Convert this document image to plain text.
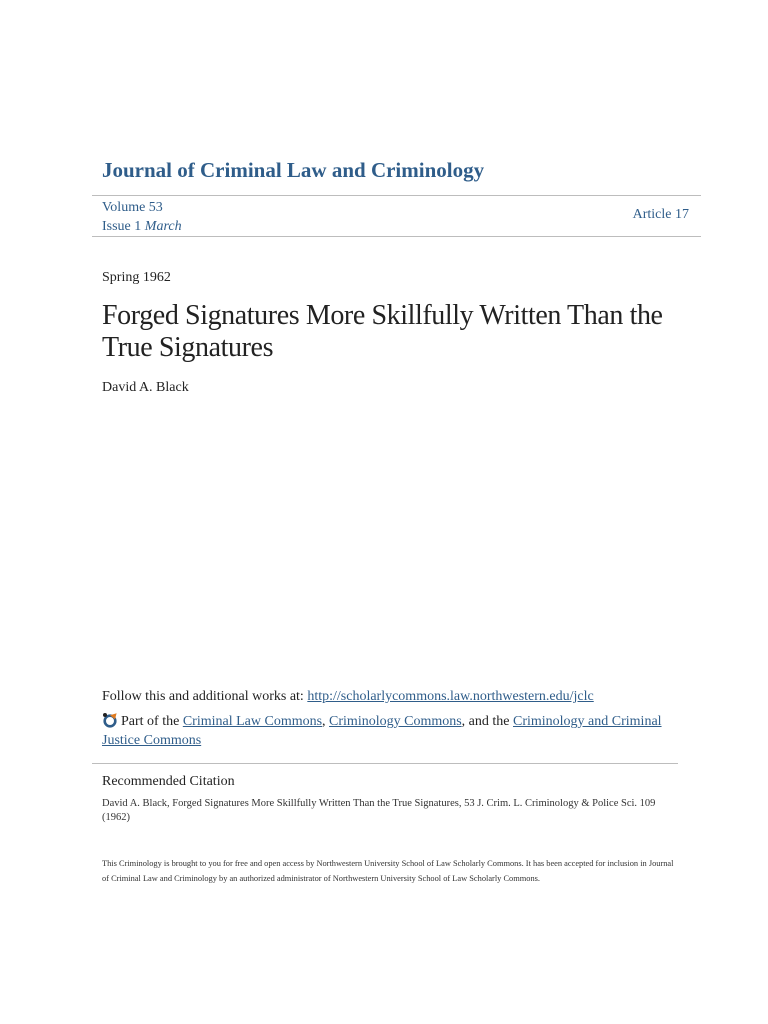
Journal of Criminal Law and Criminology
Volume 53
Issue 1 March
Article 17
Spring 1962
Forged Signatures More Skillfully Written Than the True Signatures
David A. Black
Follow this and additional works at: http://scholarlycommons.law.northwestern.edu/jclc
Part of the Criminal Law Commons, Criminology Commons, and the Criminology and Criminal Justice Commons
Recommended Citation
David A. Black, Forged Signatures More Skillfully Written Than the True Signatures, 53 J. Crim. L. Criminology & Police Sci. 109 (1962)
This Criminology is brought to you for free and open access by Northwestern University School of Law Scholarly Commons. It has been accepted for inclusion in Journal of Criminal Law and Criminology by an authorized administrator of Northwestern University School of Law Scholarly Commons.
